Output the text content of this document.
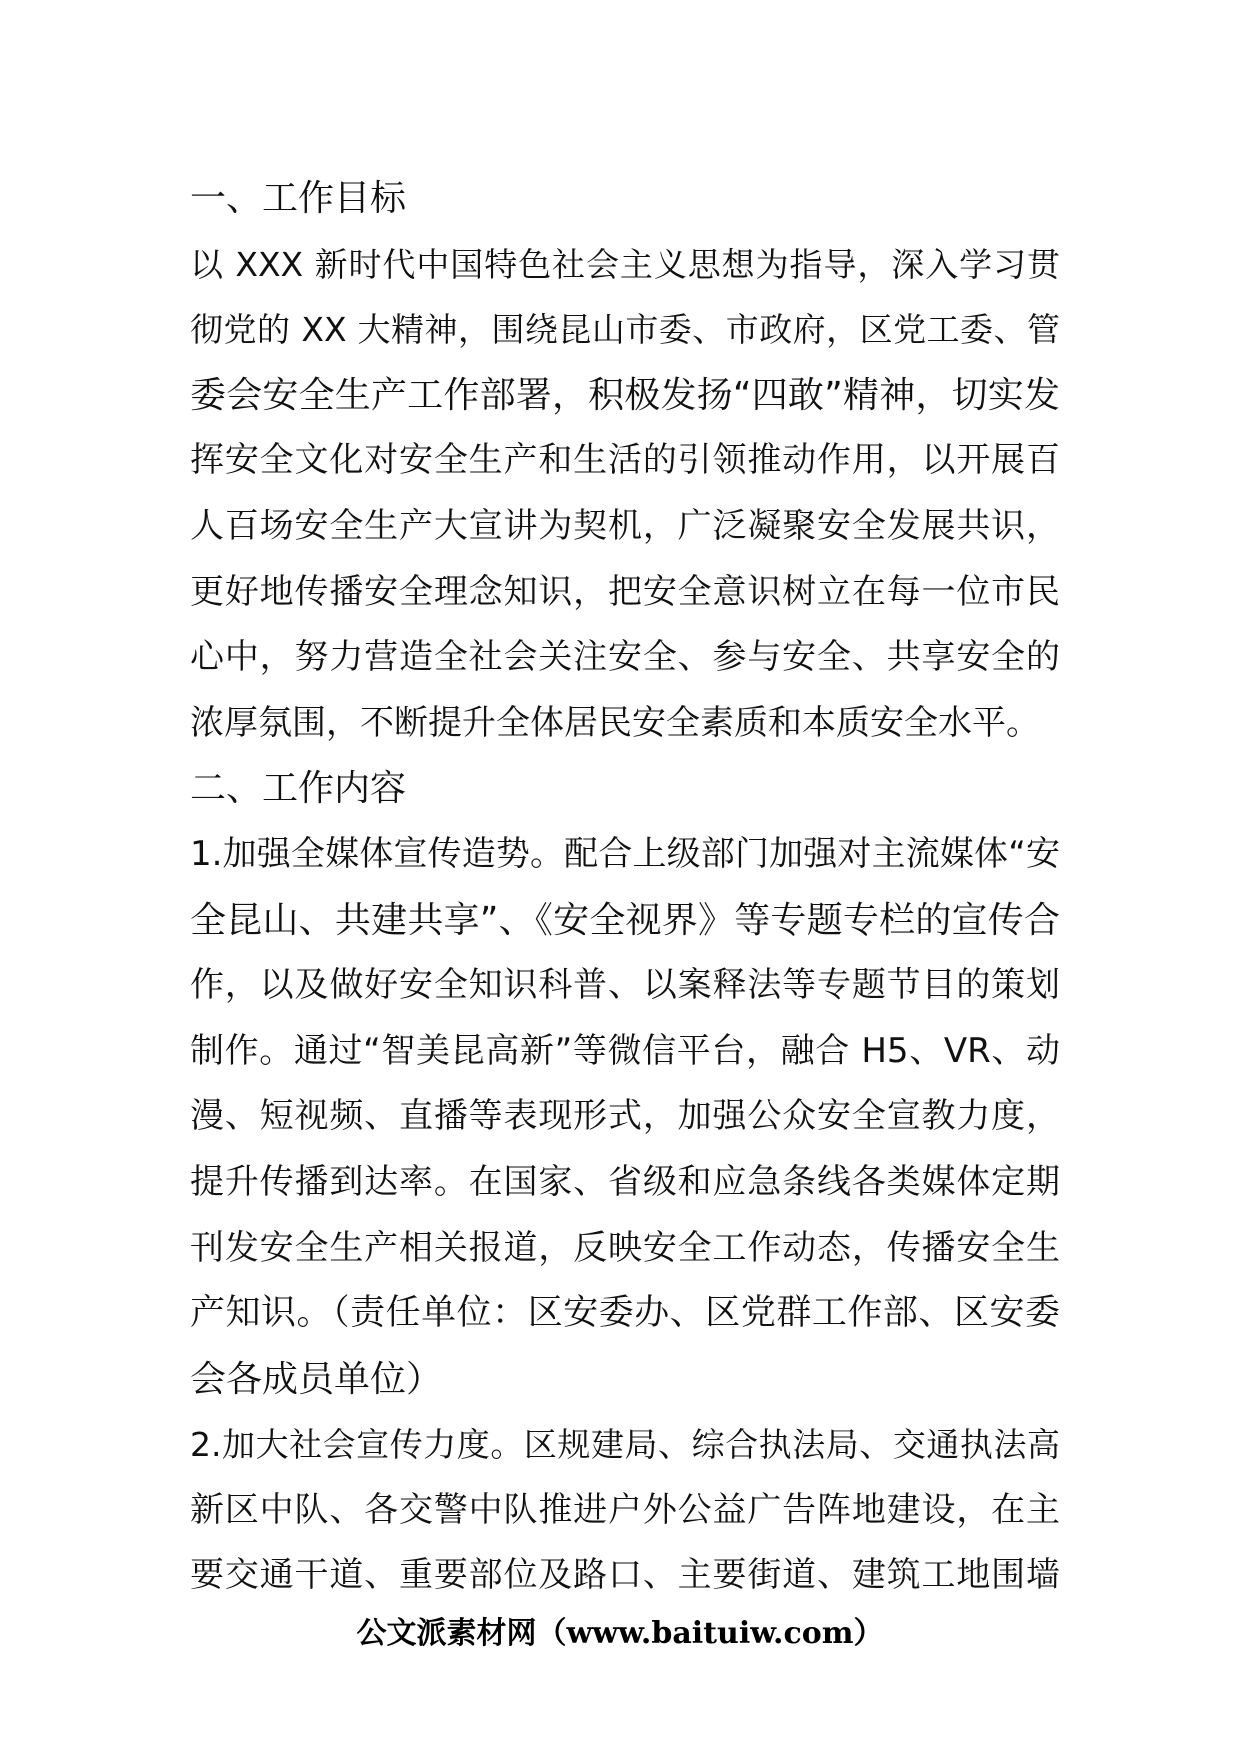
一、工作目标
以 XXX 新时代中国特色社会主义思想为指导，深入学习贯
彻党的 XX 大精神，围绕昆山市委、市政府，区党工委、管
委会安全生产工作部署，积极发扬“四敢”精神，切实发
挥安全文化对安全生产和生活的引领推动作用，以开展百
人百场安全生产大宣讲为契机，广泛凝聚安全发展共识，
更好地传播安全理念知识，把安全意识树立在每一位市民
心中，努力营造全社会关注安全、参与安全、共享安全的
浓厚氛围，不断提升全体居民安全素质和本质安全水平。
二、工作内容
1.加强全媒体宣传造势。配合上级部门加强对主流媒体“安
全昆山、共建共享”、《安全视界》等专题专栏的宣传合
作，以及做好安全知识科普、以案释法等专题节目的策划
制作。通过“智美昆高新”等微信平台，融合 H5、VR、动
漫、短视频、直播等表现形式，加强公众安全宣教力度，
提升传播到达率。在国家、省级和应急条线各类媒体定期
刊发安全生产相关报道，反映安全工作动态，传播安全生
产知识。（责任单位：区安委办、区党群工作部、区安委
会各成员单位）
2.加大社会宣传力度。区规建局、综合执法局、交通执法高
新区中队、各交警中队推进户外公益广告阵地建设，在主
要交通干道、重要部位及路口、主要街道、建筑工地围墙
公文派素材网（www.baituiw.com）
